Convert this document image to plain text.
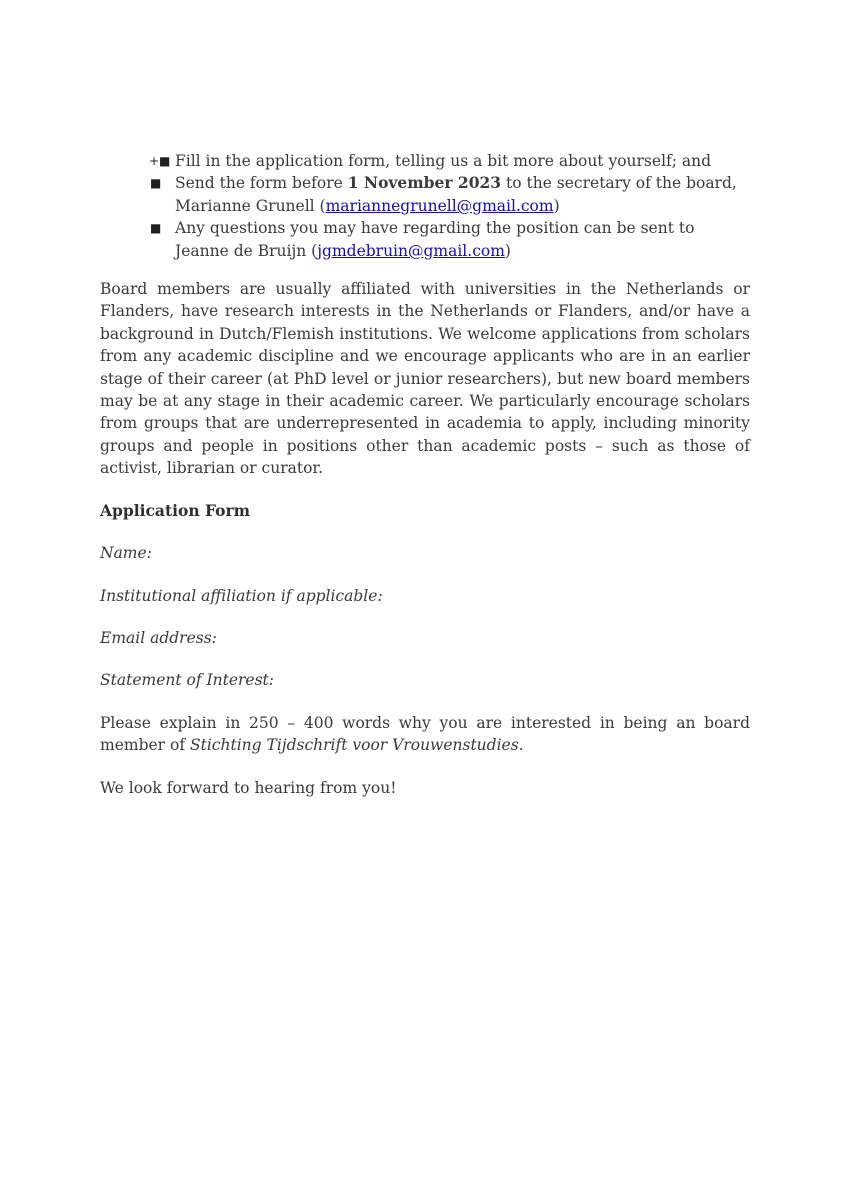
+■ Fill in the application form, telling us a bit more about yourself; and
■ Send the form before 1 November 2023 to the secretary of the board, Marianne Grunell (mariannegrunell@gmail.com)
■ Any questions you may have regarding the position can be sent to Jeanne de Bruijn (jgmdebruin@gmail.com)

Board members are usually affiliated with universities in the Netherlands or Flanders, have research interests in the Netherlands or Flanders, and/or have a background in Dutch/Flemish institutions. We welcome applications from scholars from any academic discipline and we encourage applicants who are in an earlier stage of their career (at PhD level or junior researchers), but new board members may be at any stage in their academic career. We particularly encourage scholars from groups that are underrepresented in academia to apply, including minority groups and people in positions other than academic posts – such as those of activist, librarian or curator.

Application Form

Name:

Institutional affiliation if applicable:

Email address:

Statement of Interest:

Please explain in 250 – 400 words why you are interested in being an board member of Stichting Tijdschrift voor Vrouwenstudies.

We look forward to hearing from you!
